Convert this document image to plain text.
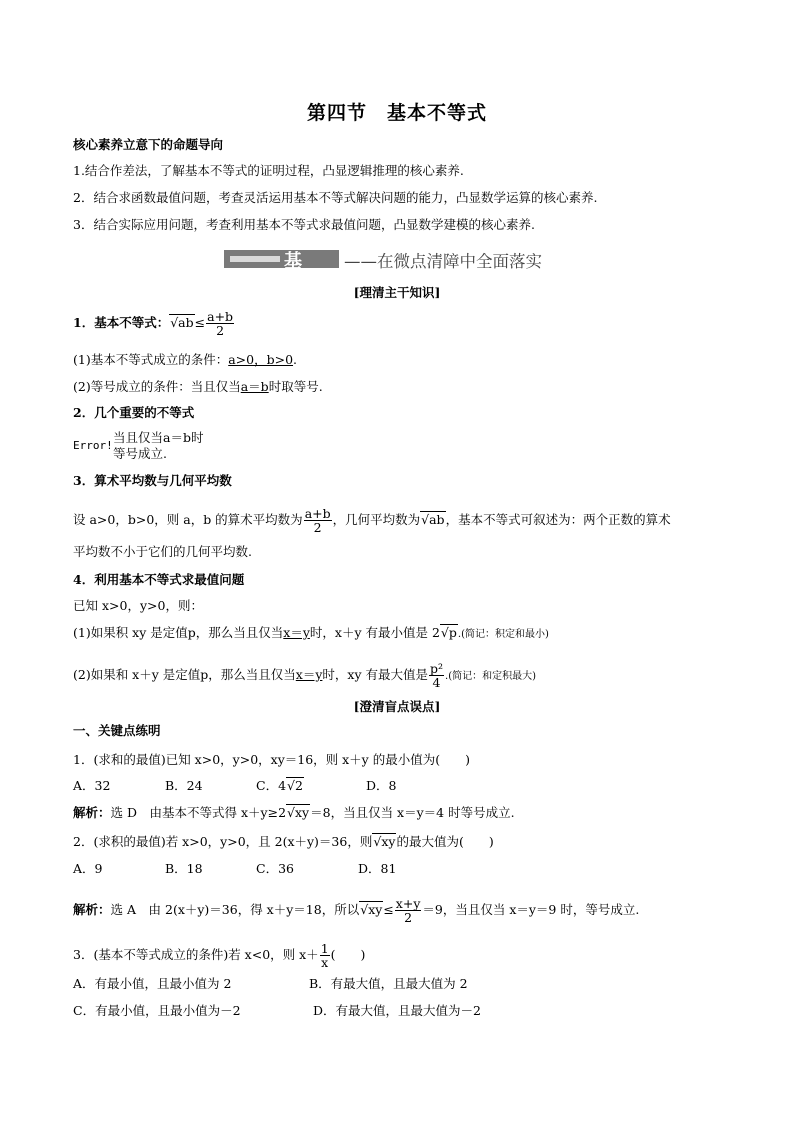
第四节　基本不等式
核心素养立意下的命题导向
1.结合作差法，了解基本不等式的证明过程，凸显逻辑推理的核心素养.
2．结合求函数最值问题，考查灵活运用基本不等式解决问题的能力，凸显数学运算的核心素养.
3．结合实际应用问题，考查利用基本不等式求最值问题，凸显数学建模的核心素养.
基础
——在微点清障中全面落实
[理清主干知识]
1．基本不等式： √ $ab\le \frac{a+b}{2}$
(1)基本不等式成立的条件：a>0，b>0.
(2)等号成立的条件：当且仅当a＝b时取等号.
2．几个重要的不等式
Error!
当且仅当a＝b时
等号成立.
3．算术平均数与几何平均数
设 a>0，b>0，则 a，b 的算术平均数为 $\frac{a+b}{2}$ ，几何平均数为 √ ab，基本不等式可叙述为：两个正数的算术
平均数不小于它们的几何平均数.
4．利用基本不等式求最值问题
已知 x>0，y>0，则：
(1)如果积 xy 是定值p，那么当且仅当x＝y时，x＋y 有最小值是 2 √ p.(简记：积定和最小)
(2)如果和 x＋y 是定值p，那么当且仅当x＝y时，xy 有最大值是 $\frac{\text{p²}}{4}$ .(简记：和定积最大)
[澄清盲点误点]
一、关键点练明
1．(求和的最值)已知 x>0，y>0，xy＝16，则 x＋y 的最小值为(　　)
A．32	B．24	C．4 √ 2	D．8
解析：选 D　由基本不等式得 x＋y≥2 √ xy＝8，当且仅当 x＝y＝4 时等号成立.
2．(求积的最值)若 x>0，y>0，且 2(x＋y)＝36，则 √ xy的最大值为(　　)
A．9	B．18	C．36	D．81
解析：选 A　由 2(x＋y)＝36，得 x＋y＝18，所以 √ $xy\le \frac{x+y}{2} =9$，当且仅当 x＝y＝9 时，等号成立.
3．(基本不等式成立的条件)若 x<0，则 $x+ \frac{1}{x}$ (　　)
A．有最小值，且最小值为 2	B．有最大值，且最大值为 2
C．有最小值，且最小值为－2	D．有最大值，且最大值为－2
